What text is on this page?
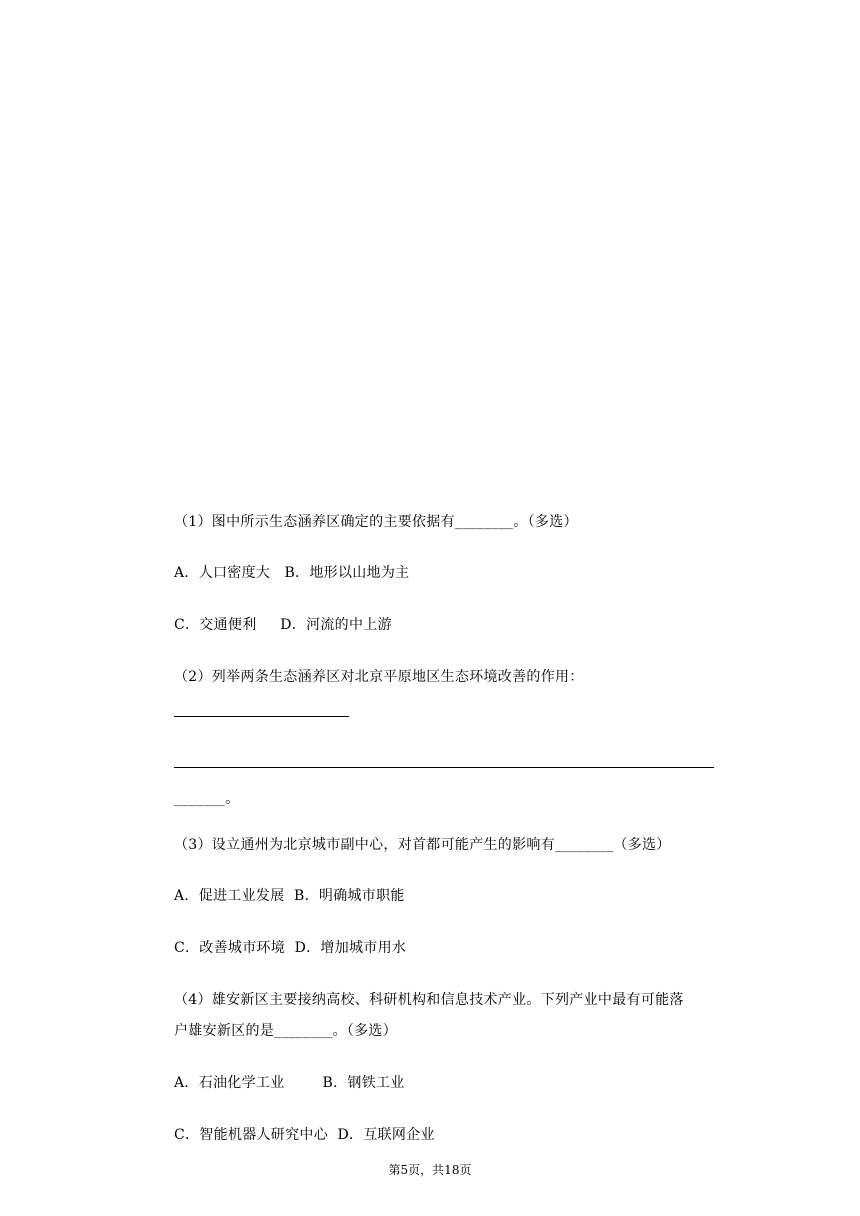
（1）图中所示生态涵养区确定的主要依据有________。（多选）
A．人口密度大   B．地形以山地为主
C．交通便利     D．河流的中上游
（2）列举两条生态涵养区对北京平原地区生态环境改善的作用：
_______。
（3）设立通州为北京城市副中心，对首都可能产生的影响有________（多选）
A．促进工业发展  B．明确城市职能
C．改善城市环境  D．增加城市用水
（4）雄安新区主要接纳高校、科研机构和信息技术产业。下列产业中最有可能落
户雄安新区的是________。（多选）
A．石油化学工业        B．钢铁工业
C．智能机器人研究中心  D．互联网企业
第5页，共18页
